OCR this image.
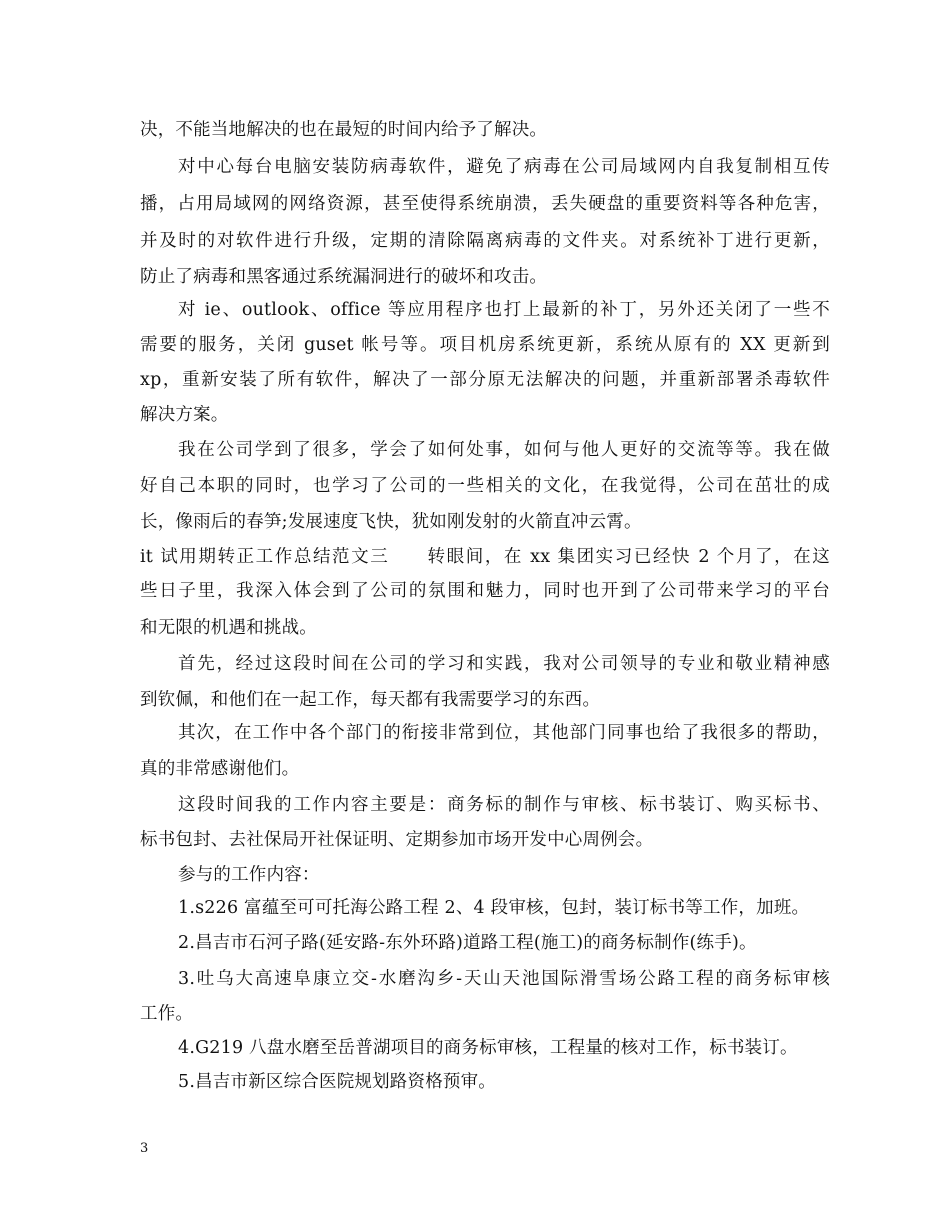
决，不能当地解决的也在最短的时间内给予了解决。
对中心每台电脑安装防病毒软件，避免了病毒在公司局域网内自我复制相互传
播，占用局域网的网络资源，甚至使得系统崩溃，丢失硬盘的重要资料等各种危害，
并及时的对软件进行升级，定期的清除隔离病毒的文件夹。对系统补丁进行更新，
防止了病毒和黑客通过系统漏洞进行的破坏和攻击。
对 ie、outlook、office 等应用程序也打上最新的补丁，另外还关闭了一些不
需要的服务，关闭 guset 帐号等。项目机房系统更新，系统从原有的 XX 更新到
xp，重新安装了所有软件，解决了一部分原无法解决的问题，并重新部署杀毒软件
解决方案。
我在公司学到了很多，学会了如何处事，如何与他人更好的交流等等。我在做
好自己本职的同时，也学习了公司的一些相关的文化，在我觉得，公司在茁壮的成
长，像雨后的春笋;发展速度飞快，犹如刚发射的火箭直冲云霄。
it 试用期转正工作总结范文三　　转眼间，在 xx 集团实习已经快 2 个月了，在这
些日子里，我深入体会到了公司的氛围和魅力，同时也开到了公司带来学习的平台
和无限的机遇和挑战。
首先，经过这段时间在公司的学习和实践，我对公司领导的专业和敬业精神感
到钦佩，和他们在一起工作，每天都有我需要学习的东西。
其次，在工作中各个部门的衔接非常到位，其他部门同事也给了我很多的帮助，
真的非常感谢他们。
这段时间我的工作内容主要是：商务标的制作与审核、标书装订、购买标书、
标书包封、去社保局开社保证明、定期参加市场开发中心周例会。
参与的工作内容：
1.s226 富蕴至可可托海公路工程 2、4 段审核，包封，装订标书等工作，加班。
2.昌吉市石河子路(延安路-东外环路)道路工程(施工)的商务标制作(练手)。
3.吐乌大高速阜康立交-水磨沟乡-天山天池国际滑雪场公路工程的商务标审核
工作。
4.G219 八盘水磨至岳普湖项目的商务标审核，工程量的核对工作，标书装订。
5.昌吉市新区综合医院规划路资格预审。
3
